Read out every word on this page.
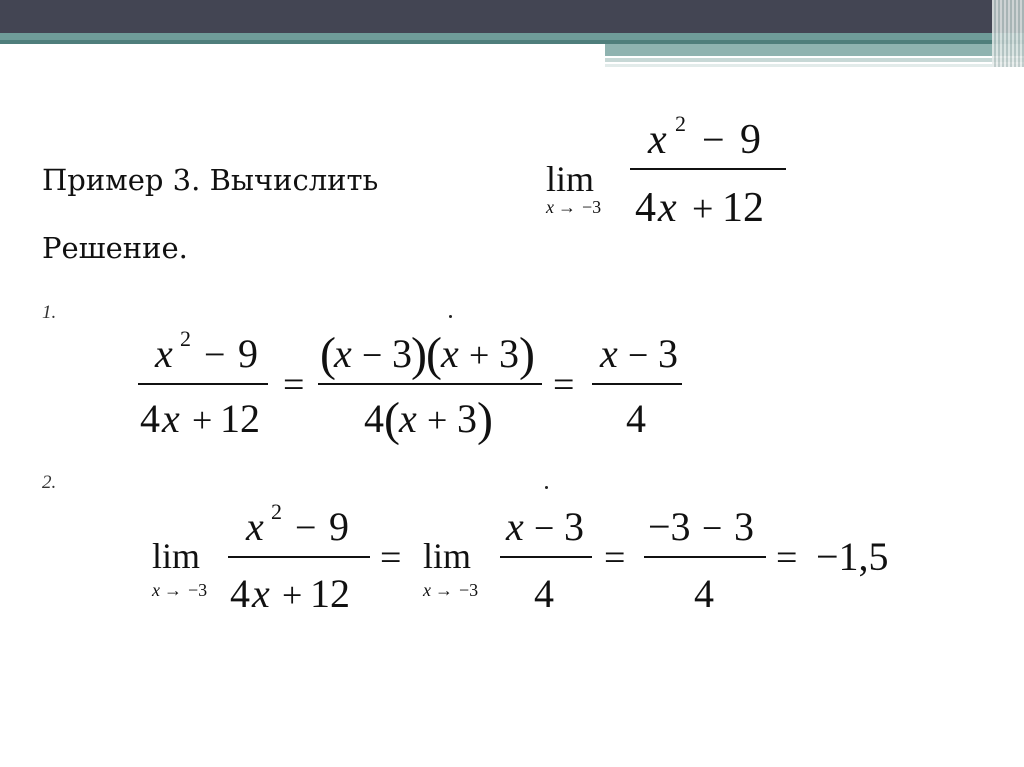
Пример 3. Вычислить
Решение.
1.
2.
lim
x → −3
x 2 − 9
4 x + 12
x 2 − 9
4 x + 12
=
(
x − 3 ) ( x + 3 )
4 ( x + 3 )
=
x − 3
4
lim
x → −3
x 2 − 9
4 x + 12
= lim
x → −3
x − 3
4
=
−3 − 3
4
= −1,5
